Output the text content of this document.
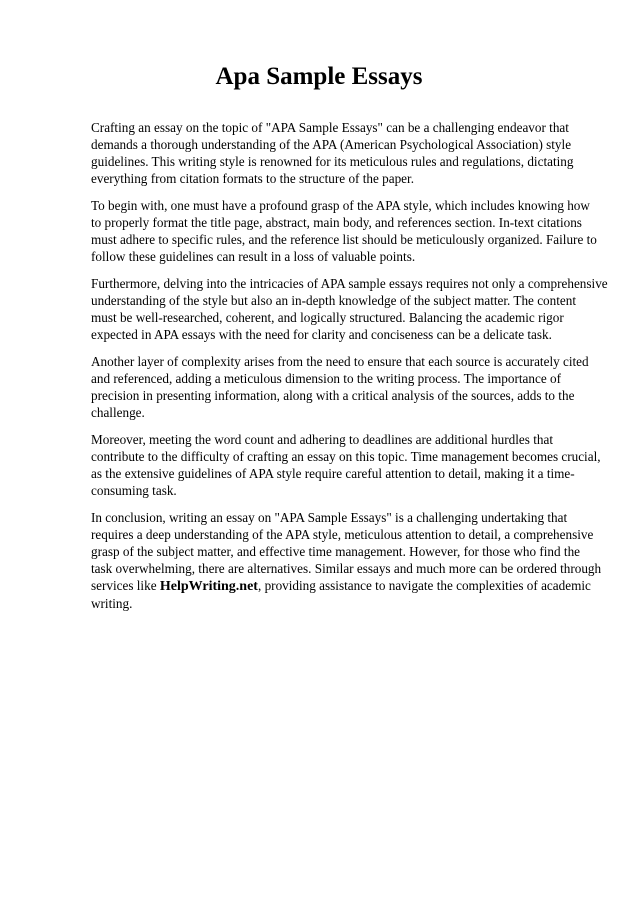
Apa Sample Essays

Crafting an essay on the topic of "APA Sample Essays" can be a challenging endeavor that
demands a thorough understanding of the APA (American Psychological Association) style
guidelines. This writing style is renowned for its meticulous rules and regulations, dictating
everything from citation formats to the structure of the paper.

To begin with, one must have a profound grasp of the APA style, which includes knowing how
to properly format the title page, abstract, main body, and references section. In-text citations
must adhere to specific rules, and the reference list should be meticulously organized. Failure to
follow these guidelines can result in a loss of valuable points.

Furthermore, delving into the intricacies of APA sample essays requires not only a comprehensive
understanding of the style but also an in-depth knowledge of the subject matter. The content
must be well-researched, coherent, and logically structured. Balancing the academic rigor
expected in APA essays with the need for clarity and conciseness can be a delicate task.

Another layer of complexity arises from the need to ensure that each source is accurately cited
and referenced, adding a meticulous dimension to the writing process. The importance of
precision in presenting information, along with a critical analysis of the sources, adds to the
challenge.

Moreover, meeting the word count and adhering to deadlines are additional hurdles that
contribute to the difficulty of crafting an essay on this topic. Time management becomes crucial,
as the extensive guidelines of APA style require careful attention to detail, making it a time-
consuming task.

In conclusion, writing an essay on "APA Sample Essays" is a challenging undertaking that
requires a deep understanding of the APA style, meticulous attention to detail, a comprehensive
grasp of the subject matter, and effective time management. However, for those who find the
task overwhelming, there are alternatives. Similar essays and much more can be ordered through
services like HelpWriting.net, providing assistance to navigate the complexities of academic
writing.
